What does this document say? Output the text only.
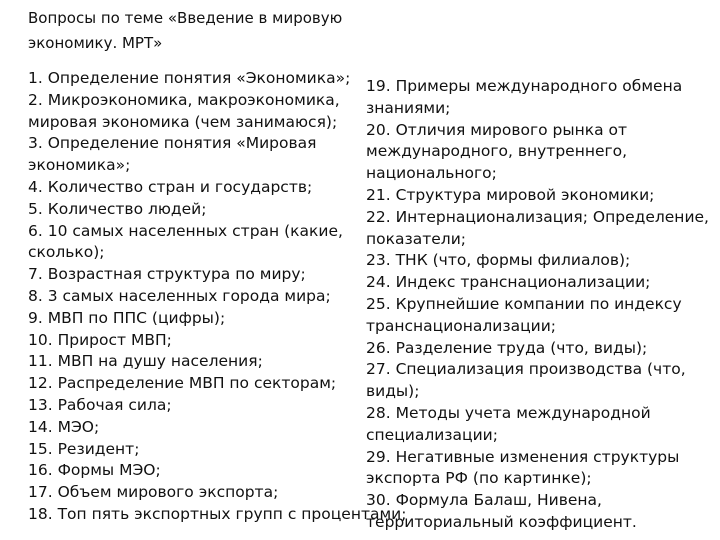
Вопросы по теме «Введение в мировую
экономику. МРТ»
1. Определение понятия «Экономика»;
2. Микроэкономика, макроэкономика,
мировая экономика (чем занимаюся);
3. Определение понятия «Мировая
экономика»;
4. Количество стран и государств;
5. Количество людей;
6. 10 самых населенных стран (какие,
сколько);
7. Возрастная структура по миру;
8. 3 самых населенных города мира;
9. МВП по ППС (цифры);
10. Прирост МВП;
11. МВП на душу населения;
12. Распределение МВП по секторам;
13. Рабочая сила;
14. МЭО;
15. Резидент;
16. Формы МЭО;
17. Объем мирового экспорта;
18. Топ пять экспортных групп с процентами;
19. Примеры международного обмена
знаниями;
20. Отличия мирового рынка от
международного, внутреннего,
национального;
21. Структура мировой экономики;
22. Интернационализация; Определение,
показатели;
23. ТНК (что, формы филиалов);
24. Индекс транснационализации;
25. Крупнейшие компании по индексу
транснационализации;
26. Разделение труда (что, виды);
27. Специализация производства (что,
виды);
28. Методы учета международной
специализации;
29. Негативные изменения структуры
экспорта РФ (по картинке);
30. Формула Балаш, Нивена,
территориальный коэффициент.
